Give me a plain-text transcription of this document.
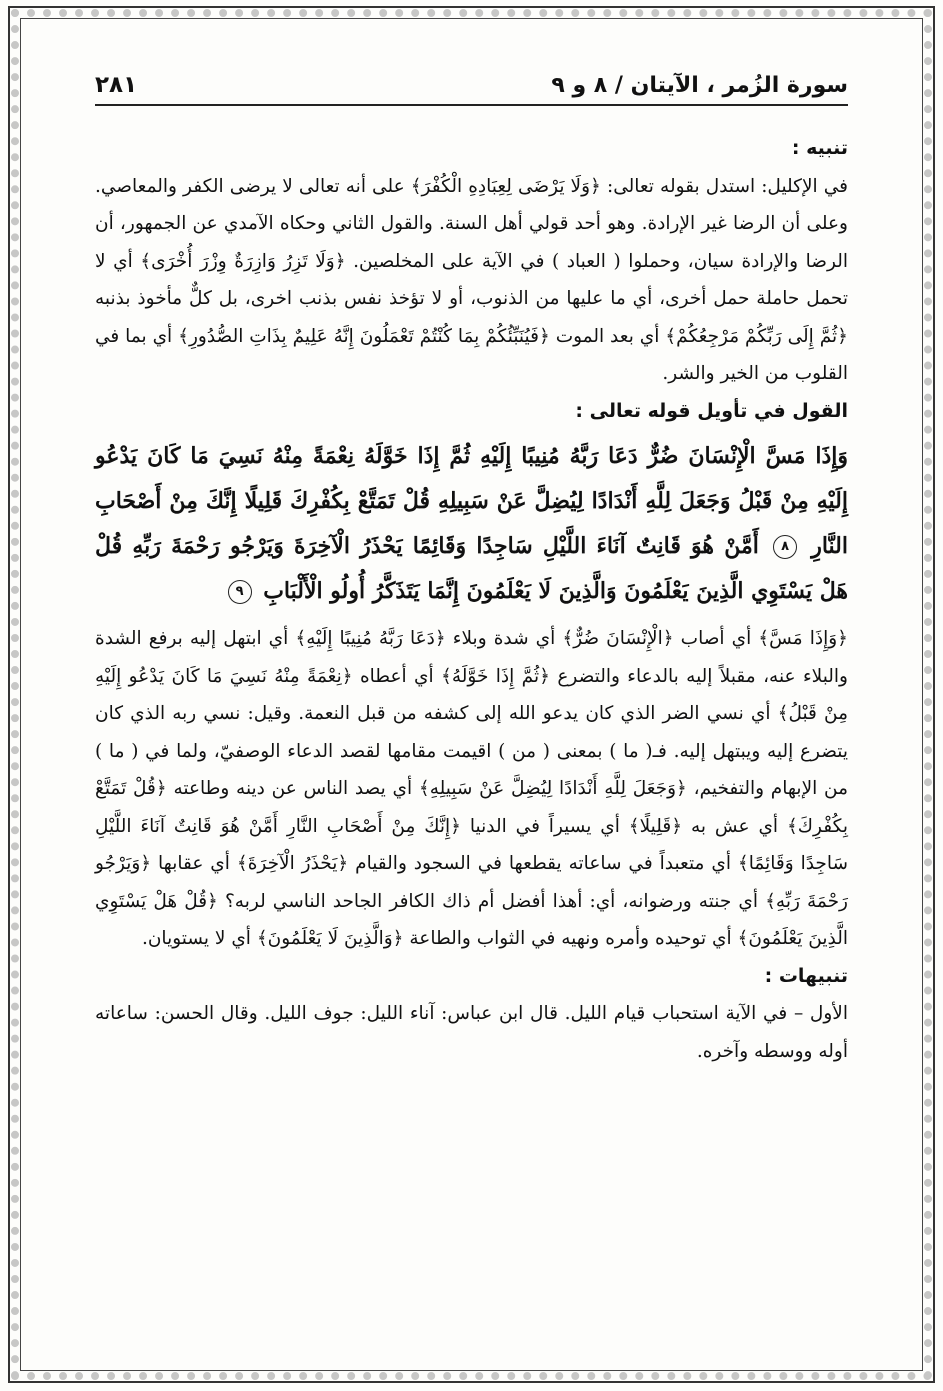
٢٨١	سورة الزُمر ، الآيتان / ٨ و ٩
تنبيه :

في الإكليل: استدل بقوله تعالى: ﴿وَلَا يَرْضَى لِعِبَادِهِ الْكُفْرَ﴾ على أنه تعالى لا يرضى الكفر والمعاصي. وعلى أن الرضا غير الإرادة. وهو أحد قولي أهل السنة. والقول الثاني وحكاه الآمدي عن الجمهور، أن الرضا والإرادة سيان، وحملوا ( العباد ) في الآية على المخلصين. ﴿وَلَا تَزِرُ وَازِرَةٌ وِزْرَ أُخْرَى﴾ أي لا تحمل حاملة حمل أخرى، أي ما عليها من الذنوب، أو لا تؤخذ نفس بذنب اخرى، بل كلٌّ مأخوذ بذنبه ﴿ثُمَّ إِلَى رَبِّكُمْ مَرْجِعُكُمْ﴾ أي بعد الموت ﴿فَيُنَبِّئُكُمْ بِمَا كُنْتُمْ تَعْمَلُونَ إِنَّهُ عَلِيمٌ بِذَاتِ الصُّدُورِ﴾ أي بما في القلوب من الخير والشر.

القول في تأويل قوله تعالى :
وَإِذَا مَسَّ الْإِنْسَانَ ضُرٌّ دَعَا رَبَّهُ مُنِيبًا إِلَيْهِ ثُمَّ إِذَا خَوَّلَهُ نِعْمَةً مِنْهُ نَسِيَ مَا كَانَ يَدْعُو إِلَيْهِ مِنْ قَبْلُ وَجَعَلَ لِلَّهِ أَنْدَادًا لِيُضِلَّ عَنْ سَبِيلِهِ قُلْ تَمَتَّعْ بِكُفْرِكَ قَلِيلًا إِنَّكَ مِنْ أَصْحَابِ النَّارِ ٨ أَمَّنْ هُوَ قَانِتٌ آنَاءَ اللَّيْلِ سَاجِدًا وَقَائِمًا يَحْذَرُ الْآخِرَةَ وَيَرْجُو رَحْمَةَ رَبِّهِ قُلْ هَلْ يَسْتَوِي الَّذِينَ يَعْلَمُونَ وَالَّذِينَ لَا يَعْلَمُونَ إِنَّمَا يَتَذَكَّرُ أُولُو الْأَلْبَابِ ٩

﴿وَإِذَا مَسَّ﴾ أي أصاب ﴿الْإِنْسَانَ ضُرٌّ﴾ أي شدة وبلاء ﴿دَعَا رَبَّهُ مُنِيبًا إِلَيْهِ﴾ أي ابتهل إليه برفع الشدة والبلاء عنه، مقبلاً إليه بالدعاء والتضرع ﴿ثُمَّ إِذَا خَوَّلَهُ﴾ أي أعطاه ﴿نِعْمَةً مِنْهُ نَسِيَ مَا كَانَ يَدْعُو إِلَيْهِ مِنْ قَبْلُ﴾ أي نسي الضر الذي كان يدعو الله إلى كشفه من قبل النعمة. وقيل: نسي ربه الذي كان يتضرع إليه ويبتهل إليه. فـ( ما ) بمعنى ( من ) اقيمت مقامها لقصد الدعاء الوصفيّ، ولما في ( ما ) من الإبهام والتفخيم، ﴿وَجَعَلَ لِلَّهِ أَنْدَادًا لِيُضِلَّ عَنْ سَبِيلِهِ﴾ أي يصد الناس عن دينه وطاعته ﴿قُلْ تَمَتَّعْ بِكُفْرِكَ﴾ أي عش به ﴿قَلِيلًا﴾ أي يسيراً في الدنيا ﴿إِنَّكَ مِنْ أَصْحَابِ النَّارِ أَمَّنْ هُوَ قَانِتٌ آنَاءَ اللَّيْلِ سَاجِدًا وَقَائِمًا﴾ أي متعبداً في ساعاته يقطعها في السجود والقيام ﴿يَحْذَرُ الْآخِرَةَ﴾ أي عقابها ﴿وَيَرْجُو رَحْمَةَ رَبِّهِ﴾ أي جنته ورضوانه، أي: أهذا أفضل أم ذاك الكافر الجاحد الناسي لربه؟ ﴿قُلْ هَلْ يَسْتَوِي الَّذِينَ يَعْلَمُونَ﴾ أي توحيده وأمره ونهيه في الثواب والطاعة ﴿وَالَّذِينَ لَا يَعْلَمُونَ﴾ أي لا يستويان.

تنبيهات :

الأول – في الآية استحباب قيام الليل. قال ابن عباس: آناء الليل: جوف الليل. وقال الحسن: ساعاته أوله ووسطه وآخره.
